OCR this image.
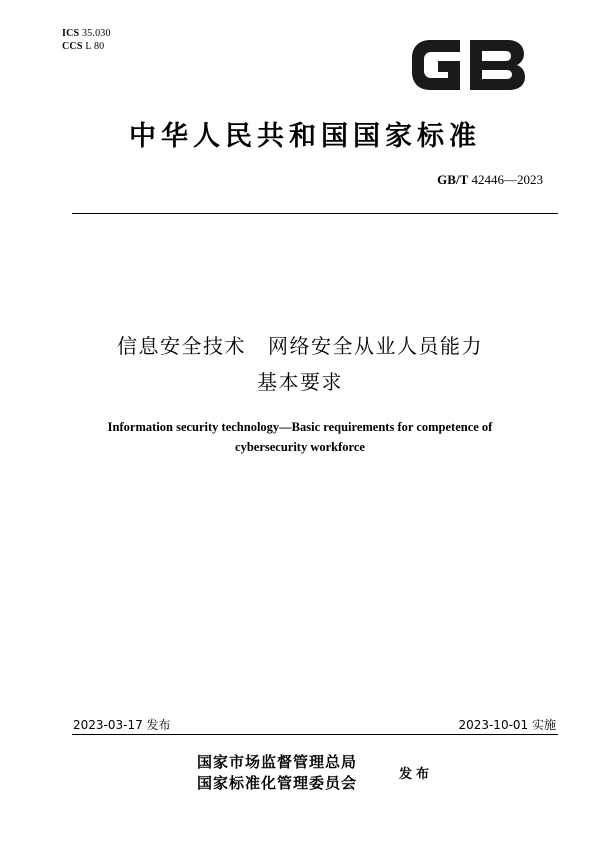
ICS 35.030
CCS L 80
中华人民共和国国家标准
GB/T 42446—2023
信息安全技术 网络安全从业人员能力
基本要求
Information security technology—Basic requirements for competence of
cybersecurity workforce
2023-03-17 发布	2023-10-01 实施
国家市场监督管理总局
国家标准化管理委员会	发布
